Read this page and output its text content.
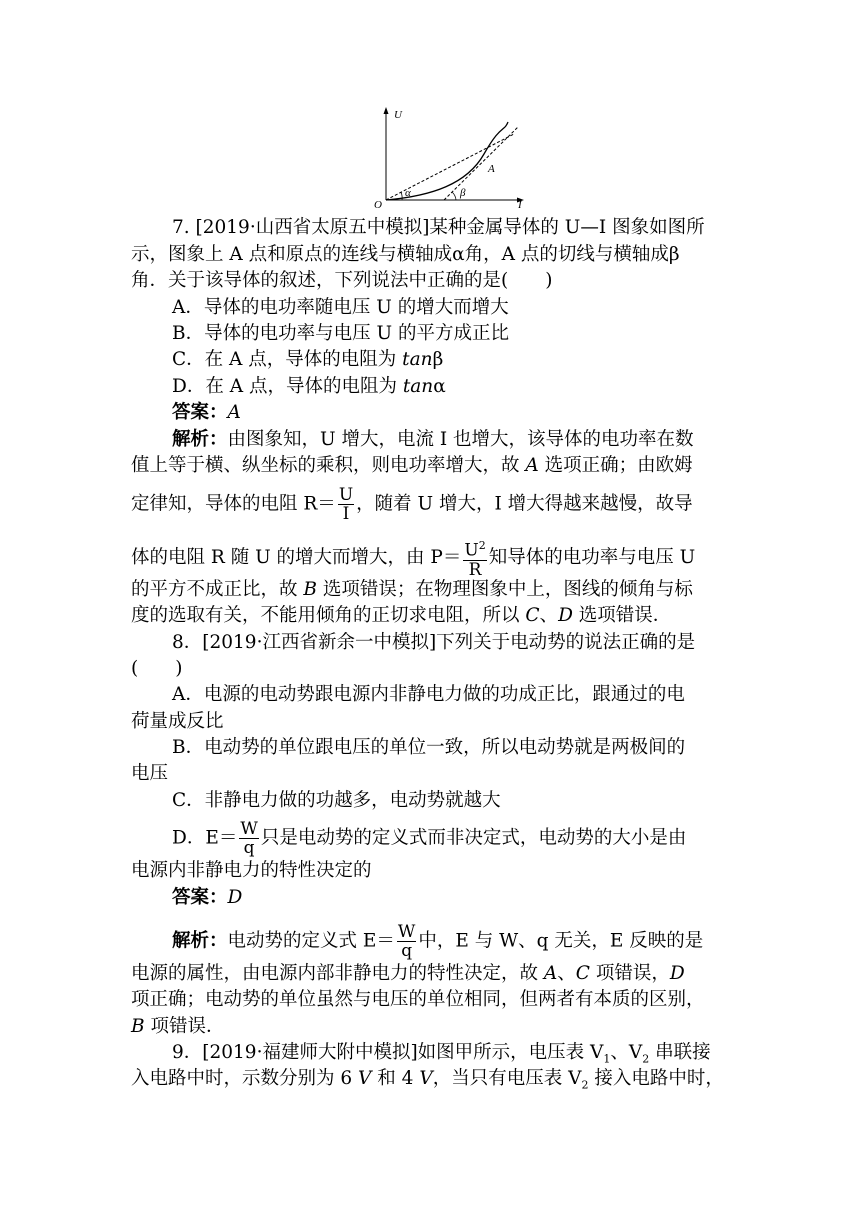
U
I
O
A
α	β
7. [2019·山西省太原五中模拟]某种金属导体的 U—I 图象如图所
示，图象上 A 点和原点的连线与横轴成α角，A 点的切线与横轴成β
角．关于该导体的叙述，下列说法中正确的是(　　)
A．导体的电功率随电压 U 的增大而增大
B．导体的电功率与电压 U 的平方成正比
C．在 A 点，导体的电阻为 tanβ
D．在 A 点，导体的电阻为 tanα
答案：A
解析：由图象知，U 增大，电流 I 也增大，该导体的电功率在数
值上等于横、纵坐标的乘积，则电功率增大，故 A 选项正确；由欧姆
定律知，导体的电阻 $R= \frac{U}{I}$ ，随着 U 增大，I 增大得越来越慢，故导
体的电阻 R 随 U 的增大而增大，由 $P= \frac{U^2}{R}$ 知导体的电功率与电压 U
的平方不成正比，故 B 选项错误；在物理图象中上，图线的倾角与标
度的选取有关，不能用倾角的正切求电阻，所以 C、D 选项错误．
8．[2019·江西省新余一中模拟]下列关于电动势的说法正确的是
(　　)
A．电源的电动势跟电源内非静电力做的功成正比，跟通过的电
荷量成反比
B．电动势的单位跟电压的单位一致，所以电动势就是两极间的
电压
C．非静电力做的功越多，电动势就越大
D．$E= \frac{W}{q}$ 只是电动势的定义式而非决定式，电动势的大小是由
电源内非静电力的特性决定的
答案：D
解析：电动势的定义式 $E= \frac{W}{q}$ 中，E 与 W、q 无关，E 反映的是
电源的属性，由电源内部非静电力的特性决定，故 A、C 项错误，D
项正确；电动势的单位虽然与电压的单位相同，但两者有本质的区别，
B 项错误．
9．[2019·福建师大附中模拟]如图甲所示，电压表 $V_1$、$V_2$ 串联接
入电路中时，示数分别为 6 V 和 4 V，当只有电压表 $V_2$ 接入电路中时，
